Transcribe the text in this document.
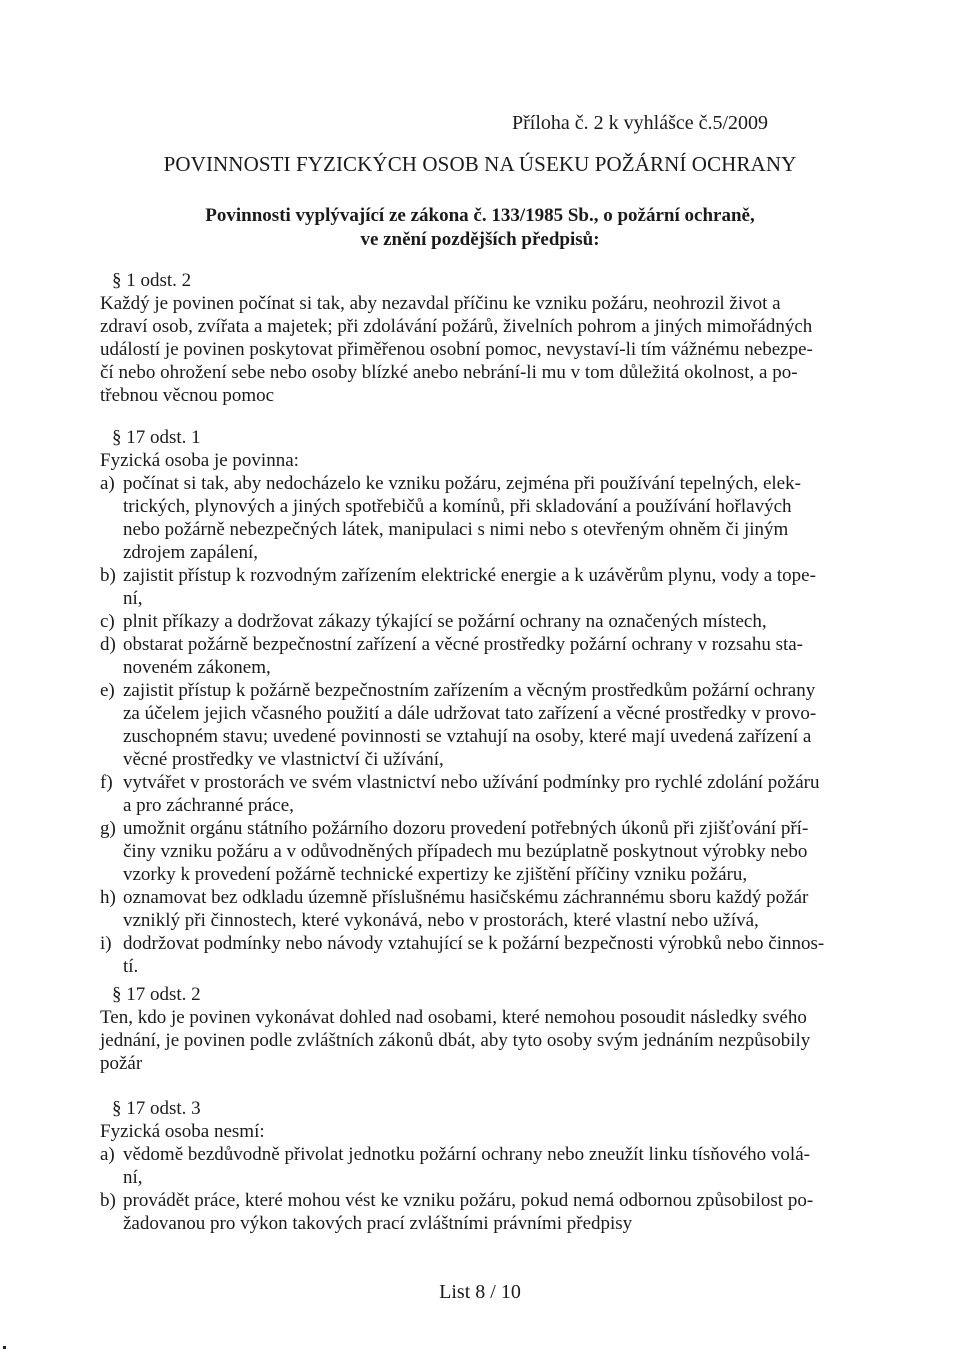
Příloha č. 2 k vyhlášce č.5/2009
POVINNOSTI FYZICKÝCH OSOB NA ÚSEKU POŽÁRNÍ OCHRANY
Povinnosti vyplývající ze zákona č. 133/1985 Sb., o požární ochraně,
ve znění pozdějších předpisů:
§ 1 odst. 2
Každý je povinen počínat si tak, aby nezavdal příčinu ke vzniku požáru, neohrozil život a
zdraví osob, zvířata a majetek; při zdolávání požárů, živelních pohrom a jiných mimořádných
událostí je povinen poskytovat přiměřenou osobní pomoc, nevystaví-li tím vážnému nebezpe-
čí nebo ohrožení sebe nebo osoby blízké anebo nebrání-li mu v tom důležitá okolnost, a po-
třebnou věcnou pomoc
§ 17 odst. 1
Fyzická osoba je povinna:
a) počínat si tak, aby nedocházelo ke vzniku požáru, zejména při používání tepelných, elek-
trických, plynových a jiných spotřebičů a komínů, při skladování a používání hořlavých
nebo požárně nebezpečných látek, manipulaci s nimi nebo s otevřeným ohněm či jiným
zdrojem zapálení,
b) zajistit přístup k rozvodným zařízením elektrické energie a k uzávěrům plynu, vody a tope-
ní,
c) plnit příkazy a dodržovat zákazy týkající se požární ochrany na označených místech,
d) obstarat požárně bezpečnostní zařízení a věcné prostředky požární ochrany v rozsahu sta-
noveném zákonem,
e) zajistit přístup k požárně bezpečnostním zařízením a věcným prostředkům požární ochrany
za účelem jejich včasného použití a dále udržovat tato zařízení a věcné prostředky v provo-
zuschopném stavu; uvedené povinnosti se vztahují na osoby, které mají uvedená zařízení a
věcné prostředky ve vlastnictví či užívání,
f) vytvářet v prostorách ve svém vlastnictví nebo užívání podmínky pro rychlé zdolání požáru
a pro záchranné práce,
g) umožnit orgánu státního požárního dozoru provedení potřebných úkonů při zjišťování pří-
činy vzniku požáru a v odůvodněných případech mu bezúplatně poskytnout výrobky nebo
vzorky k provedení požárně technické expertizy ke zjištění příčiny vzniku požáru,
h) oznamovat bez odkladu územně příslušnému hasičskému záchrannému sboru každý požár
vzniklý při činnostech, které vykonává, nebo v prostorách, které vlastní nebo užívá,
i) dodržovat podmínky nebo návody vztahující se k požární bezpečnosti výrobků nebo činnos-
tí.
§ 17 odst. 2
Ten, kdo je povinen vykonávat dohled nad osobami, které nemohou posoudit následky svého
jednání, je povinen podle zvláštních zákonů dbát, aby tyto osoby svým jednáním nezpůsobily
požár
§ 17 odst. 3
Fyzická osoba nesmí:
a) vědomě bezdůvodně přivolat jednotku požární ochrany nebo zneužít linku tísňového volá-
ní,
b) provádět práce, které mohou vést ke vzniku požáru, pokud nemá odbornou způsobilost po-
žadovanou pro výkon takových prací zvláštními právními předpisy
List 8 / 10
